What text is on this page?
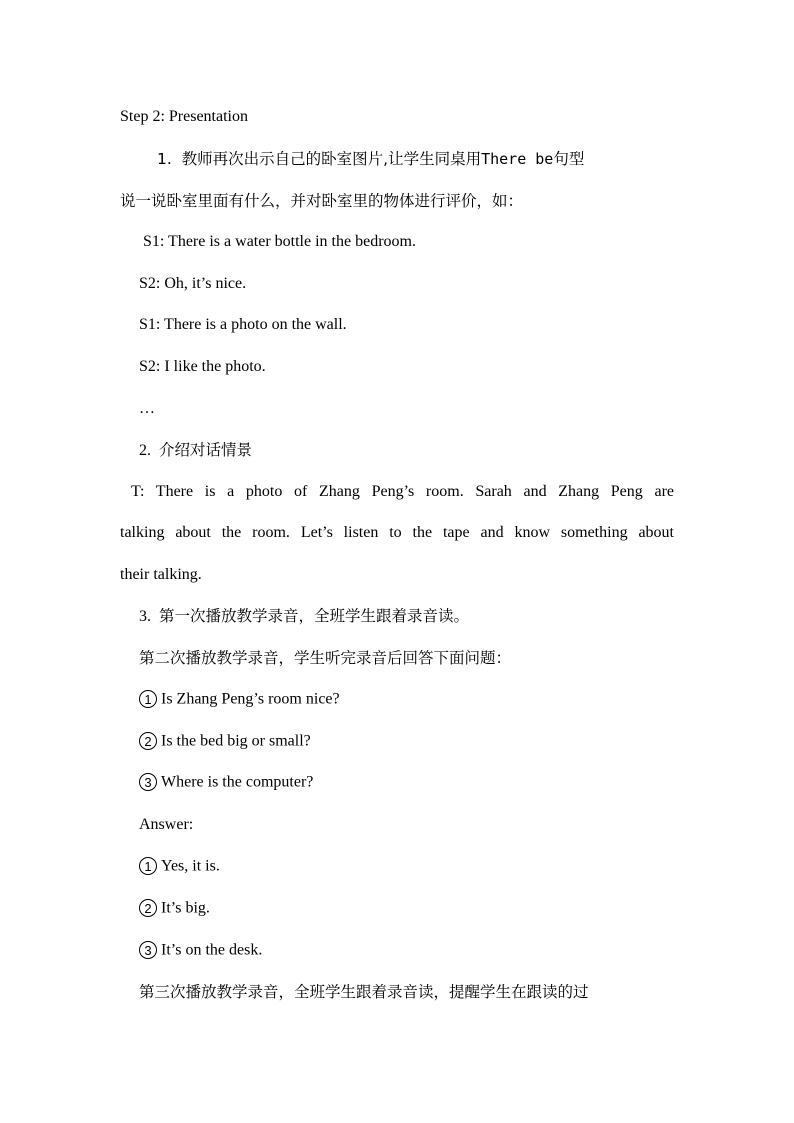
Step 2: Presentation
1. 教师再次出示自己的卧室图片,让学生同桌用There be句型
说一说卧室里面有什么，并对卧室里的物体进行评价，如：
S1: There is a water bottle in the bedroom.
S2: Oh, it’s nice.
S1: There is a photo on the wall.
S2: I like the photo.
…
2. 介绍对话情景
T: There is a photo of Zhang Peng’s room. Sarah and Zhang Peng are
talking about the room. Let’s listen to the tape and know something about
their talking.
3. 第一次播放教学录音，全班学生跟着录音读。
第二次播放教学录音，学生听完录音后回答下面问题：
1 Is Zhang Peng’s room nice?
2 Is the bed big or small?
3 Where is the computer?
Answer:
1 Yes, it is.
2 It’s big.
3 It’s on the desk.
第三次播放教学录音，全班学生跟着录音读，提醒学生在跟读的过
